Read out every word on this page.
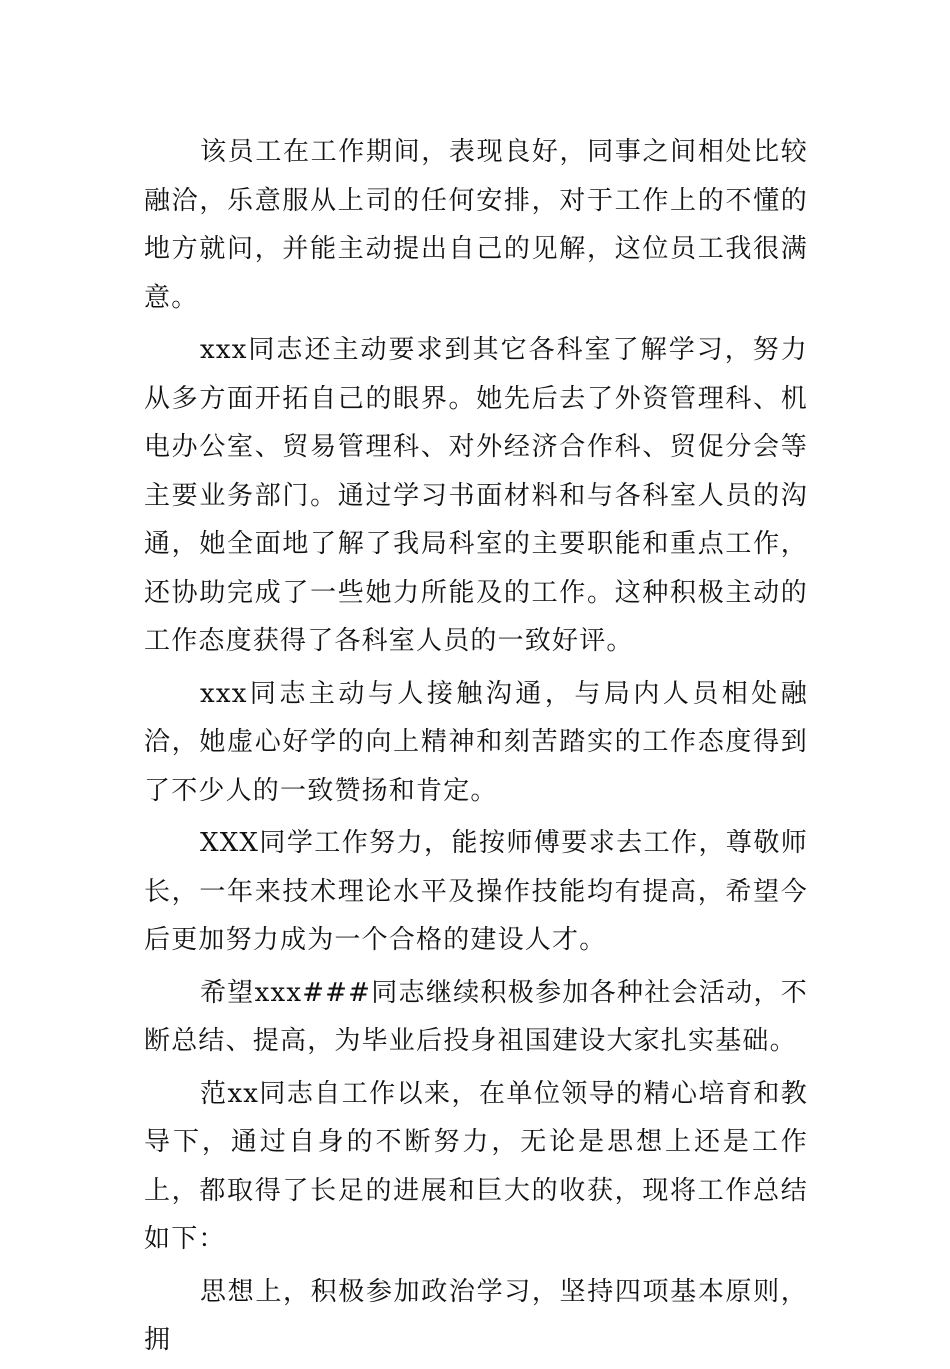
该员工在工作期间，表现良好，同事之间相处比较融洽，乐意服从上司的任何安排，对于工作上的不懂的地方就问，并能主动提出自己的见解，这位员工我很满意。

xxx同志还主动要求到其它各科室了解学习，努力从多方面开拓自己的眼界。她先后去了外资管理科、机电办公室、贸易管理科、对外经济合作科、贸促分会等主要业务部门。通过学习书面材料和与各科室人员的沟通，她全面地了解了我局科室的主要职能和重点工作，还协助完成了一些她力所能及的工作。这种积极主动的工作态度获得了各科室人员的一致好评。

xxx同志主动与人接触沟通，与局内人员相处融洽，她虚心好学的向上精神和刻苦踏实的工作态度得到了不少人的一致赞扬和肯定。

XXX同学工作努力，能按师傅要求去工作，尊敬师长，一年来技术理论水平及操作技能均有提高，希望今后更加努力成为一个合格的建设人才。

希望xxx###同志继续积极参加各种社会活动，不断总结、提高，为毕业后投身祖国建设大家扎实基础。

范xx同志自工作以来，在单位领导的精心培育和教导下，通过自身的不断努力，无论是思想上还是工作上，都取得了长足的进展和巨大的收获，现将工作总结如下：

思想上，积极参加政治学习，坚持四项基本原则，拥
